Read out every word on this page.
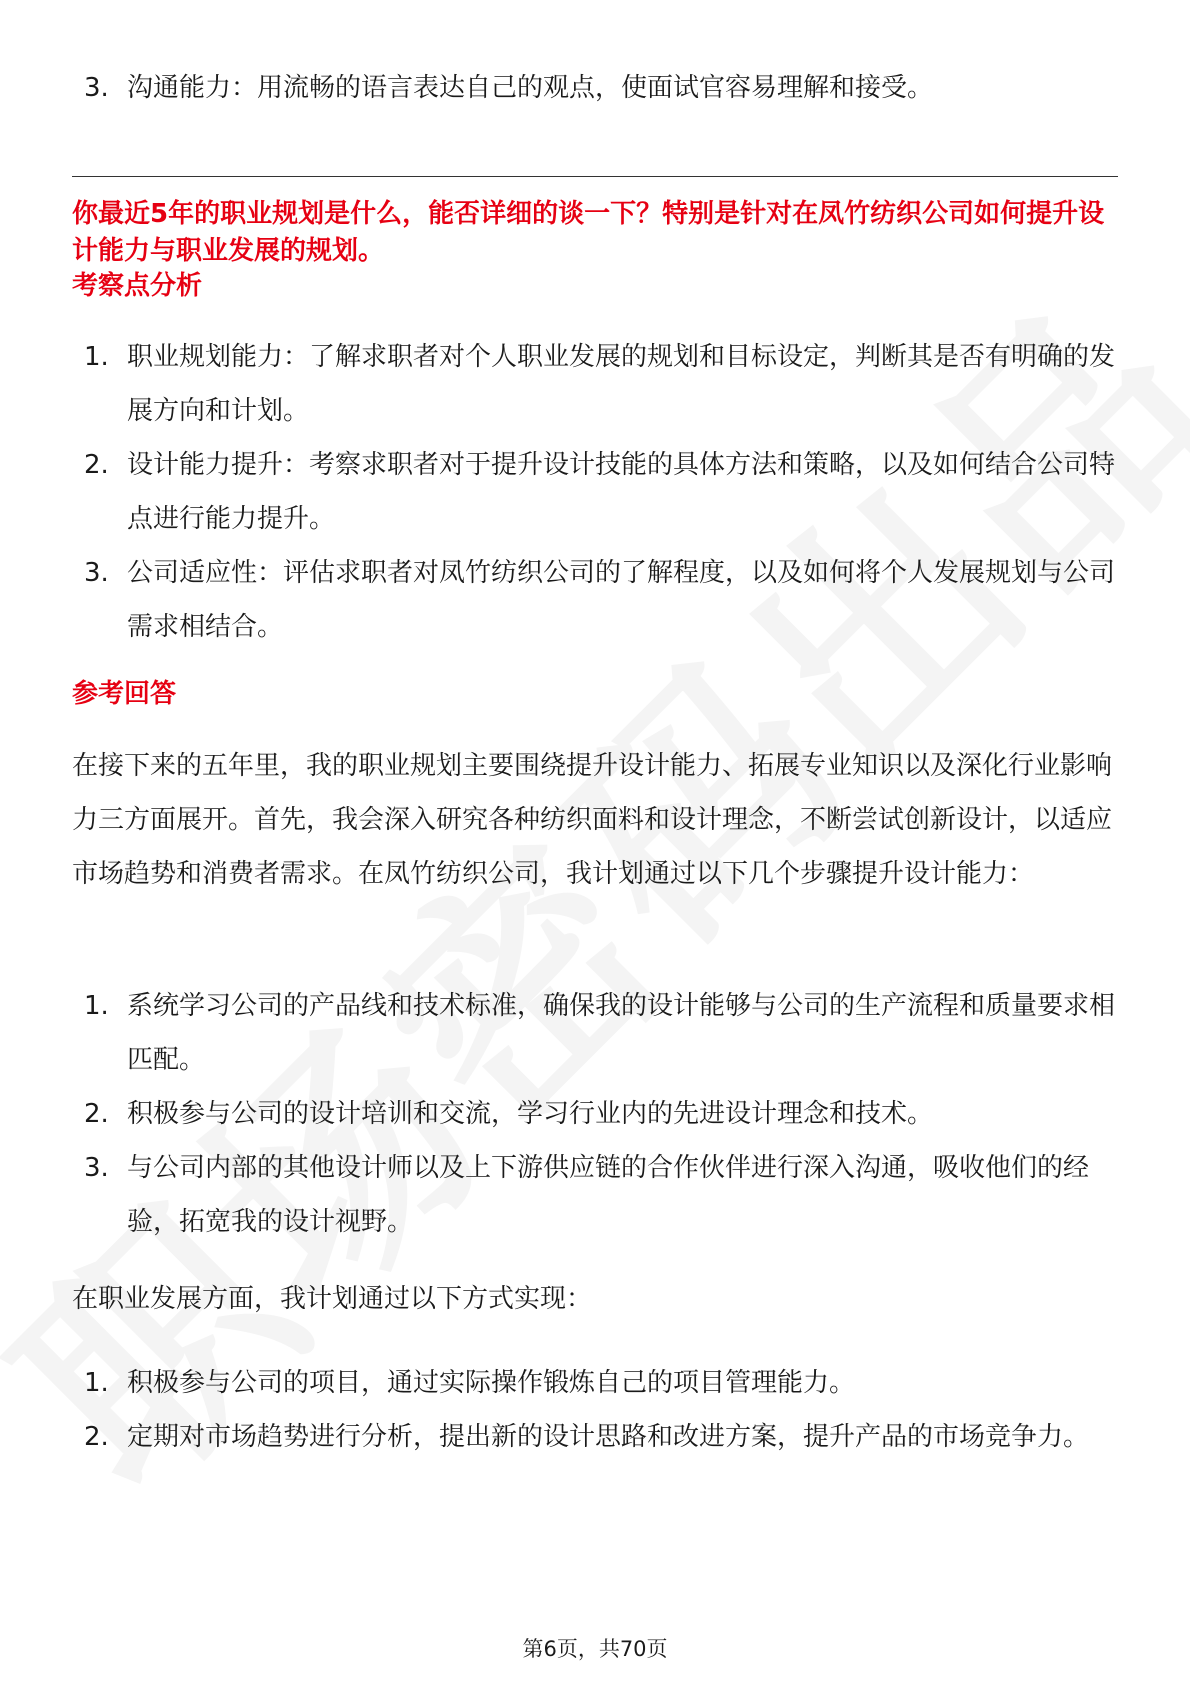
3. 沟通能力：用流畅的语言表达自己的观点，使面试官容易理解和接受。
你最近5年的职业规划是什么，能否详细的谈一下？特别是针对在凤竹纺织公司如何提升设计能力与职业发展的规划。
考察点分析
1. 职业规划能力：了解求职者对个人职业发展的规划和目标设定，判断其是否有明确的发展方向和计划。
2. 设计能力提升：考察求职者对于提升设计技能的具体方法和策略，以及如何结合公司特点进行能力提升。
3. 公司适应性：评估求职者对凤竹纺织公司的了解程度，以及如何将个人发展规划与公司需求相结合。
参考回答
在接下来的五年里，我的职业规划主要围绕提升设计能力、拓展专业知识以及深化行业影响力三方面展开。首先，我会深入研究各种纺织面料和设计理念，不断尝试创新设计，以适应市场趋势和消费者需求。在凤竹纺织公司，我计划通过以下几个步骤提升设计能力：
1. 系统学习公司的产品线和技术标准，确保我的设计能够与公司的生产流程和质量要求相匹配。
2. 积极参与公司的设计培训和交流，学习行业内的先进设计理念和技术。
3. 与公司内部的其他设计师以及上下游供应链的合作伙伴进行深入沟通，吸收他们的经验，拓宽我的设计视野。
在职业发展方面，我计划通过以下方式实现：
1. 积极参与公司的项目，通过实际操作锻炼自己的项目管理能力。
2. 定期对市场趋势进行分析，提出新的设计思路和改进方案，提升产品的市场竞争力。
第6页，共70页
